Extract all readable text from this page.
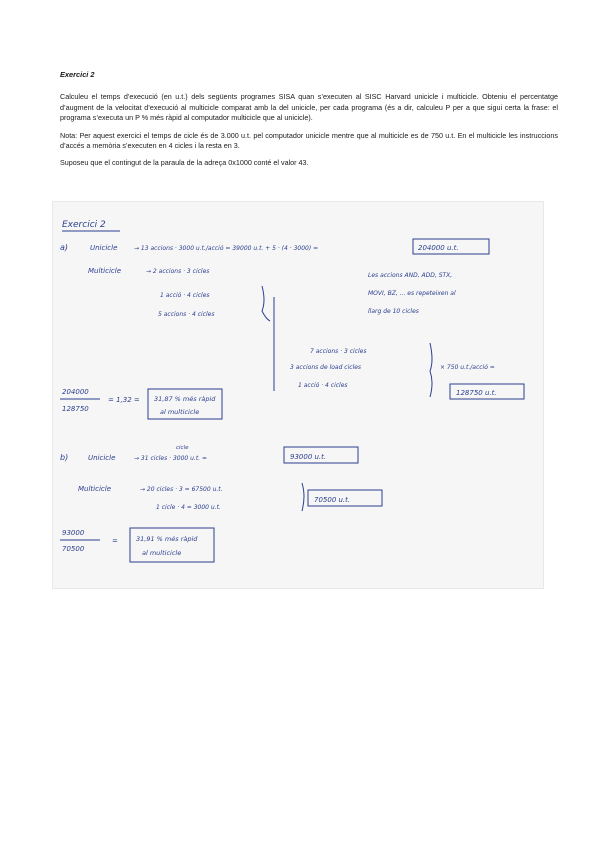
Exercici 2

Calculeu el temps d’execució (en u.t.) dels següents programes SISA quan s’executen al SISC Harvard unicicle i multicicle. Obteniu el percentatge d’augment de la velocitat d’execució al multicicle comparat amb la del unicicle, per cada programa (és a dir, calculeu P per a que sigui certa la frase: el programa s’executa un P % més ràpid al computador multicicle que al unicicle).

Nota: Per aquest exercici el temps de cicle és de 3.000 u.t. pel computador unicicle mentre que al multicicle es de 750 u.t. En el multicicle les instruccions d’accés a memòria s’executen en 4 cicles i la resta en 3.

Suposeu que el contingut de la paraula de la adreça 0x1000 conté el valor 43.

Exercici 2
a)	Unicicle	→ 13 accions · 3000 u.t./acció = 39000 u.t. + 5 · (4 · 3000) =	204000 u.t.
Multicicle	→ 2 accions · 3 cicles
1 acció · 4 cicles
5 accions · 4 cicles
Les accions AND, ADD, STX,
MOVI, BZ, ... es repeteixen al
llarg de 10 cicles
7 accions · 3 cicles
3 accions de load cicles
1 acció · 4 cicles
× 750 u.t./acció =
128750 u.t.
204000
128750
= 1,32 = 31,87 % més ràpid
al multicicle
b)	Unicicle
cicle
→ 31 cicles · 3000 u.t. =	93000 u.t.
Multicicle	→ 20 cicles · 3 = 67500 u.t.
1 cicle · 4 = 3000 u.t.
70500 u.t.
93000
70500
=	31,91 % més ràpid
al multicicle
